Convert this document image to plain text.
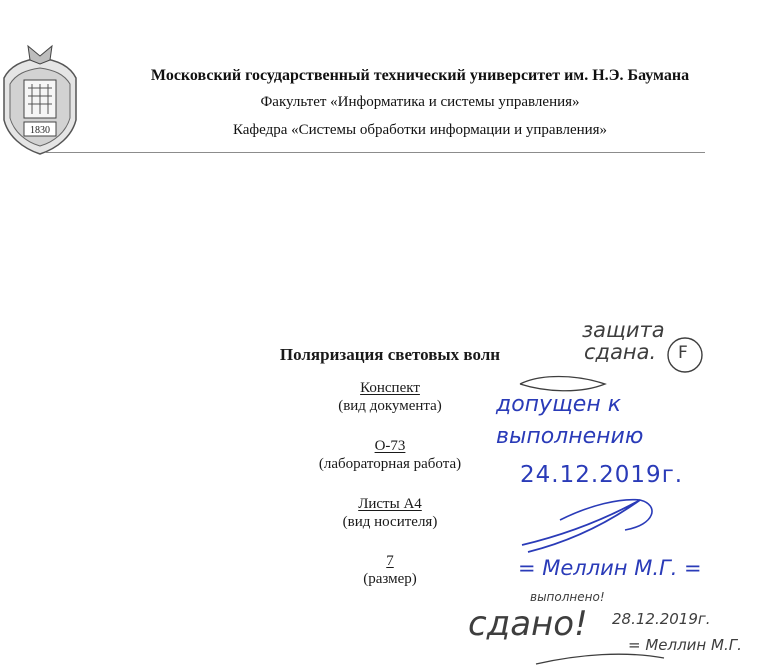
1830
Московский государственный технический университет им. Н.Э. Баумана
Факультет «Информатика и системы управления»
Кафедра «Системы обработки информации и управления»
Поляризация световых волн
Конспект
(вид документа)
О-73
(лабораторная работа)
Листы А4
(вид носителя)
7
(размер)
защита
сдана. F
допущен к
выполнению
24.12.2019г.
= Меллин М.Г. =
выполнено!
сдано! 28.12.2019г.
= Меллин М.Г.
